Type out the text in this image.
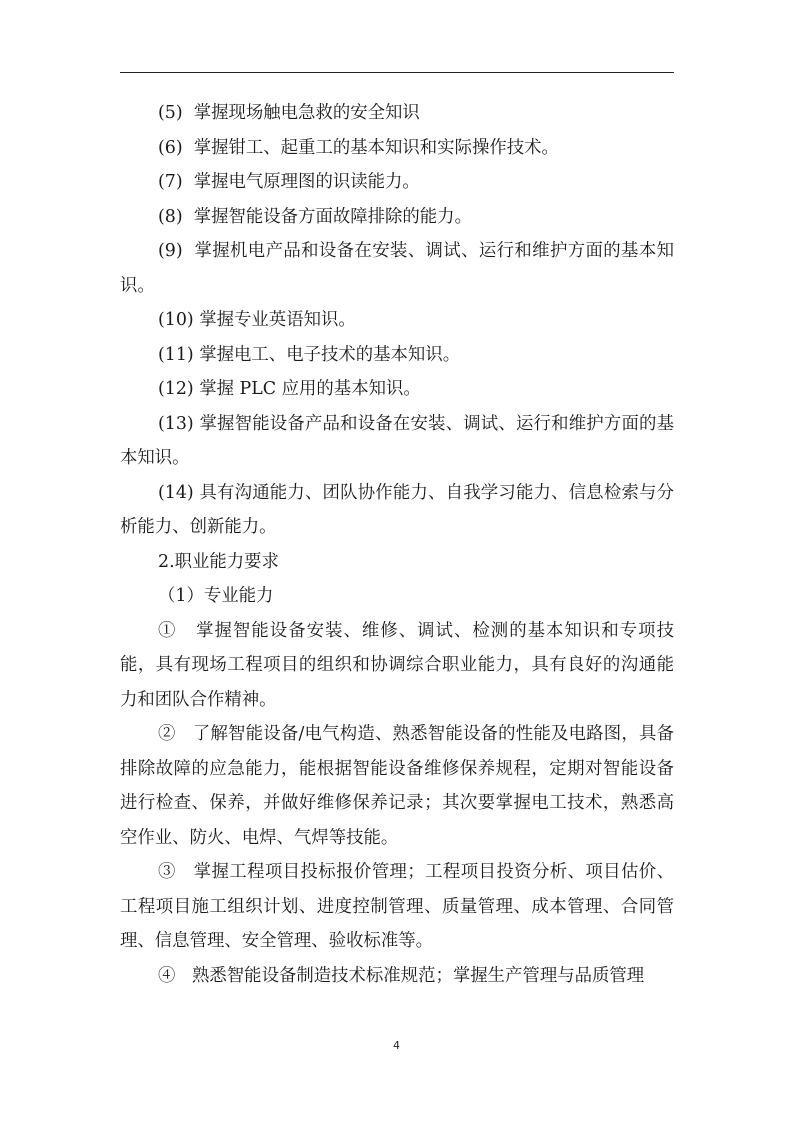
(5) 掌握现场触电急救的安全知识

(6) 掌握钳工、起重工的基本知识和实际操作技术。

(7) 掌握电气原理图的识读能力。

(8) 掌握智能设备方面故障排除的能力。

(9) 掌握机电产品和设备在安装、调试、运行和维护方面的基本知识。

(10) 掌握专业英语知识。

(11) 掌握电工、电子技术的基本知识。

(12) 掌握 PLC 应用的基本知识。

(13) 掌握智能设备产品和设备在安装、调试、运行和维护方面的基本知识。

(14) 具有沟通能力、团队协作能力、自我学习能力、信息检索与分析能力、创新能力。

2.职业能力要求

（1）专业能力

① 掌握智能设备安装、维修、调试、检测的基本知识和专项技能，具有现场工程项目的组织和协调综合职业能力，具有良好的沟通能力和团队合作精神。

② 了解智能设备/电气构造、熟悉智能设备的性能及电路图，具备排除故障的应急能力，能根据智能设备维修保养规程，定期对智能设备进行检查、保养，并做好维修保养记录；其次要掌握电工技术，熟悉高空作业、防火、电焊、气焊等技能。

③ 掌握工程项目投标报价管理；工程项目投资分析、项目估价、工程项目施工组织计划、进度控制管理、质量管理、成本管理、合同管理、信息管理、安全管理、验收标准等。

④ 熟悉智能设备制造技术标准规范；掌握生产管理与品质管理

4
